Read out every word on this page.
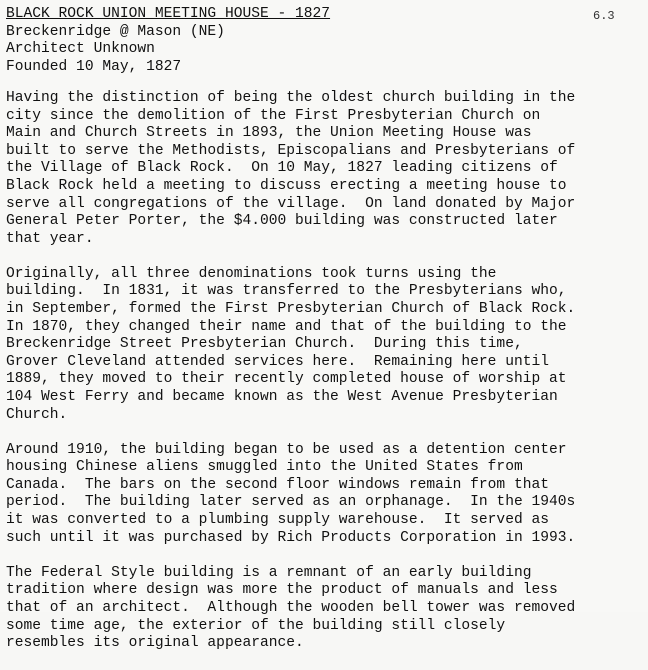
BLACK ROCK UNION MEETING HOUSE - 1827
Breckenridge @ Mason (NE)
Architect Unknown
Founded 10 May, 1827
6.3
Having the distinction of being the oldest church building in the
city since the demolition of the First Presbyterian Church on
Main and Church Streets in 1893, the Union Meeting House was
built to serve the Methodists, Episcopalians and Presbyterians of
the Village of Black Rock.  On 10 May, 1827 leading citizens of
Black Rock held a meeting to discuss erecting a meeting house to
serve all congregations of the village.  On land donated by Major
General Peter Porter, the $4.000 building was constructed later
that year.
Originally, all three denominations took turns using the
building.  In 1831, it was transferred to the Presbyterians who,
in September, formed the First Presbyterian Church of Black Rock.
In 1870, they changed their name and that of the building to the
Breckenridge Street Presbyterian Church.  During this time,
Grover Cleveland attended services here.  Remaining here until
1889, they moved to their recently completed house of worship at
104 West Ferry and became known as the West Avenue Presbyterian
Church.
Around 1910, the building began to be used as a detention center
housing Chinese aliens smuggled into the United States from
Canada.  The bars on the second floor windows remain from that
period.  The building later served as an orphanage.  In the 1940s
it was converted to a plumbing supply warehouse.  It served as
such until it was purchased by Rich Products Corporation in 1993.
The Federal Style building is a remnant of an early building
tradition where design was more the product of manuals and less
that of an architect.  Although the wooden bell tower was removed
some time age, the exterior of the building still closely
resembles its original appearance.
